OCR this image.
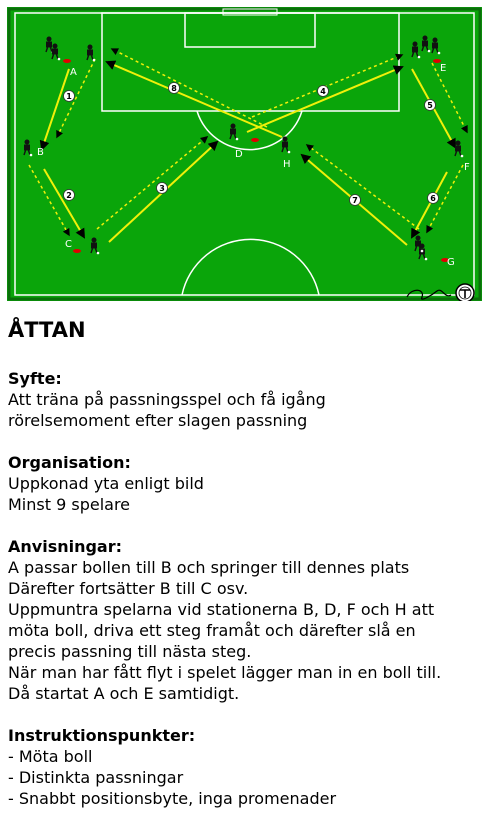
1
2
3
4
5
6
7
8
A
B
C
D
E
F
G
H
ÅTTAN
Syfte:
Att träna på passningsspel och få igång
rörelsemoment efter slagen passning
Organisation:
Uppkonad yta enligt bild
Minst 9 spelare
Anvisningar:
A passar bollen till B och springer till dennes plats
Därefter fortsätter B till C osv.
Uppmuntra spelarna vid stationerna B, D, F och H att
möta boll, driva ett steg framåt och därefter slå en
precis passning till nästa steg.
När man har fått flyt i spelet lägger man in en boll till.
Då startat A och E samtidigt.
Instruktionspunkter:
- Möta boll
- Distinkta passningar
- Snabbt positionsbyte, inga promenader
